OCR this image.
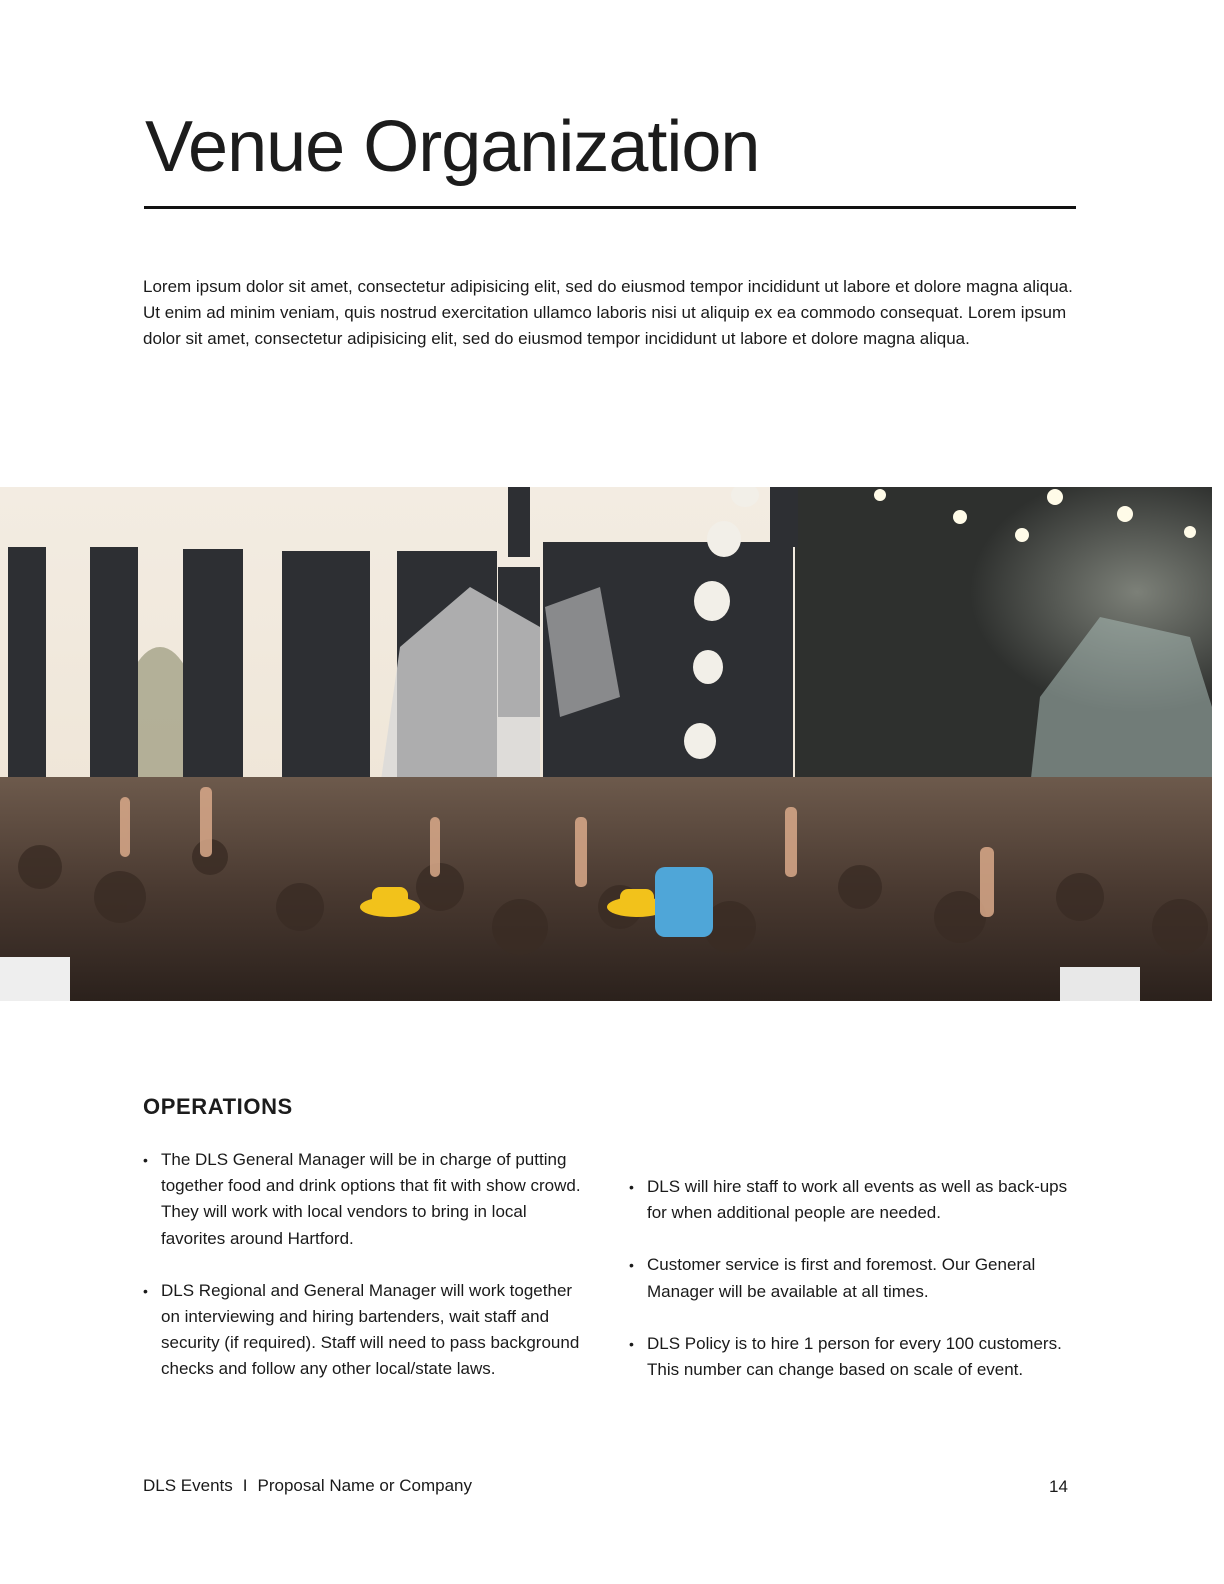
Venue Organization

Lorem ipsum dolor sit amet, consectetur adipisicing elit, sed do eiusmod tempor incididunt ut labore et dolore magna aliqua. Ut enim ad minim veniam, quis nostrud exercitation ullamco laboris nisi ut aliquip ex ea commodo consequat. Lorem ipsum dolor sit amet, consectetur adipisicing elit, sed do eiusmod tempor incididunt ut labore et dolore magna aliqua.

OPERATIONS
• The DLS General Manager will be in charge of putting together food and drink options that fit with show crowd. They will work with local vendors to bring in local favorites around Hartford.
• DLS Regional and General Manager will work together on interviewing and hiring bartenders, wait staff and security (if required). Staff will need to pass background checks and follow any other local/state laws.
• DLS will hire staff to work all events as well as back-ups for when additional people are needed.
• Customer service is first and foremost. Our General Manager will be available at all times.
• DLS Policy is to hire 1 person for every 100 customers. This number can change based on scale of event.
DLS Events I Proposal Name or Company	14
